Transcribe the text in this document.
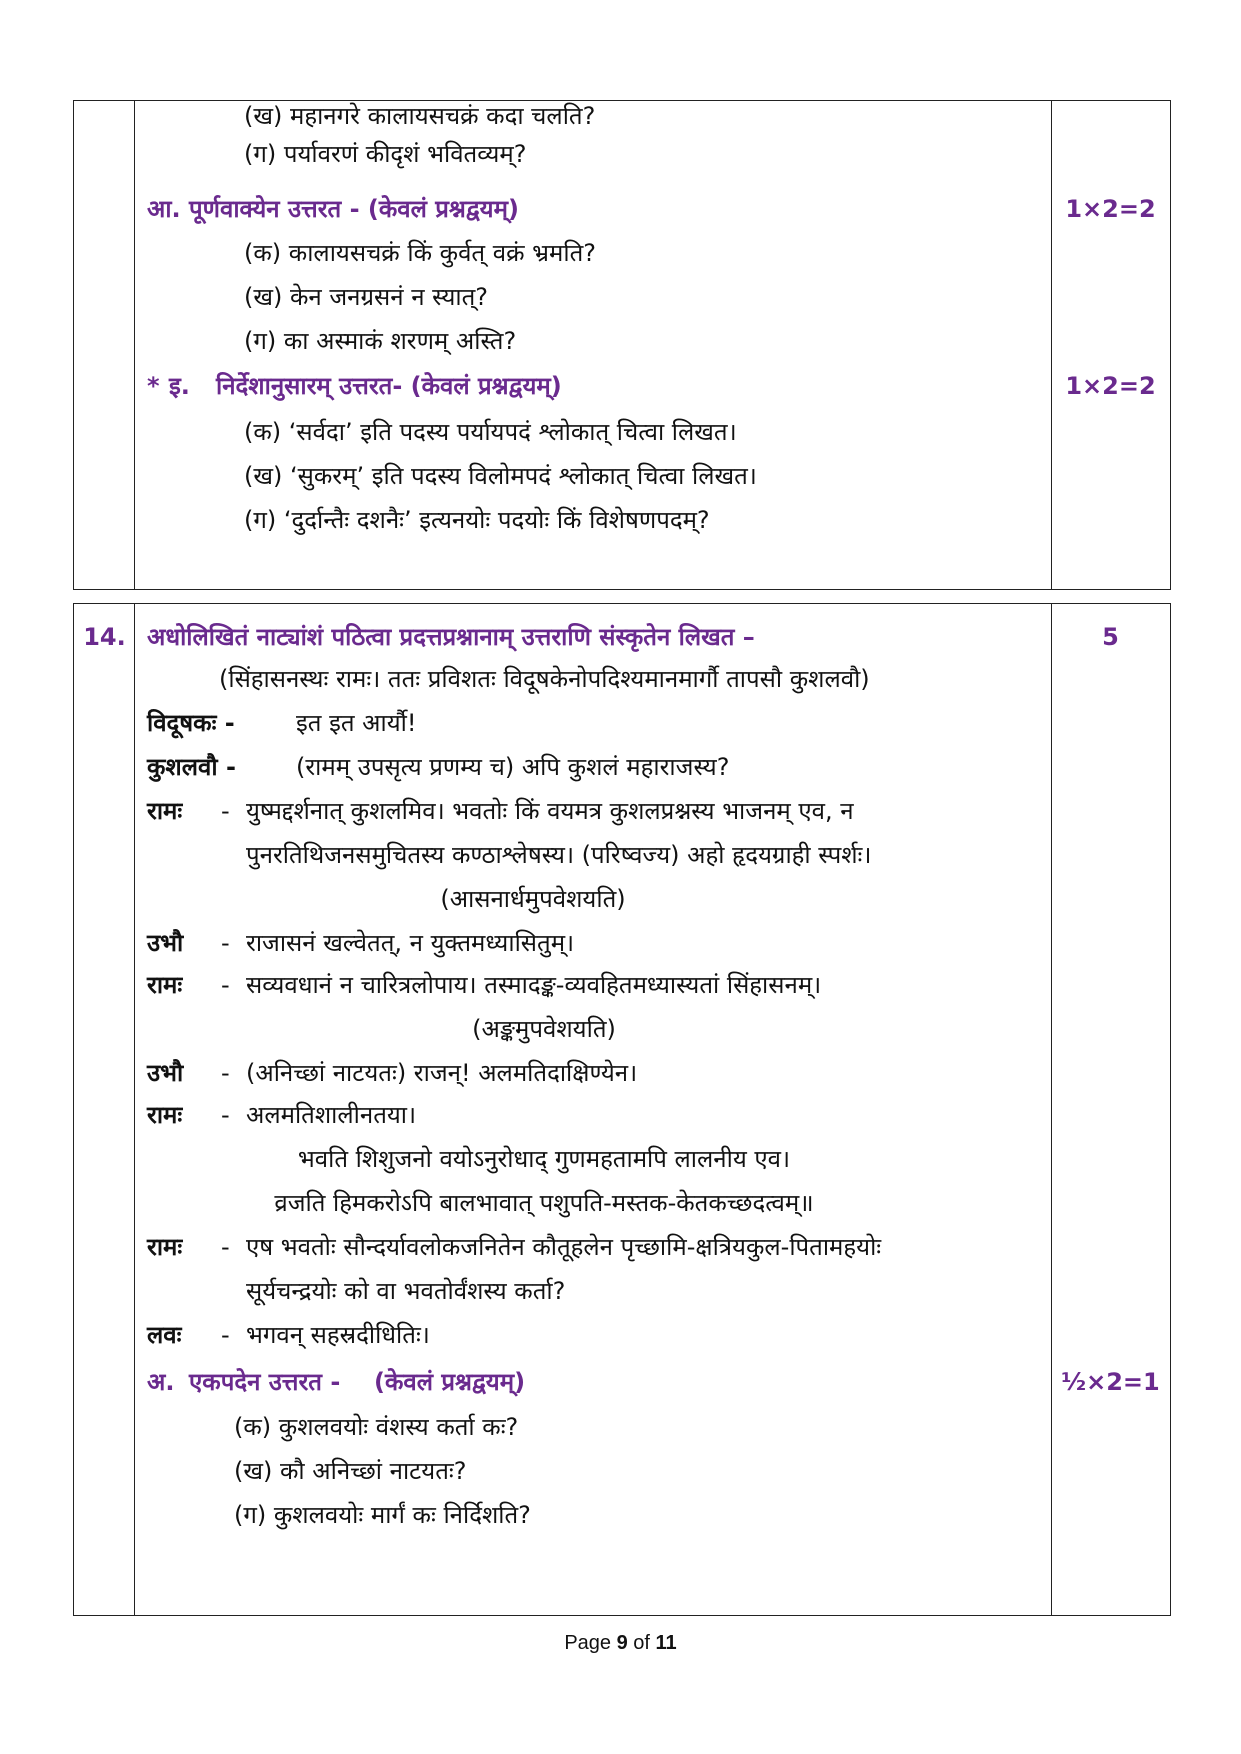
(ख) महानगरे कालायसचक्रं कदा चलति?
(ग) पर्यावरणं कीदृशं भवितव्यम्?
आ. पूर्णवाक्येन उत्तरत - (केवलं प्रश्नद्वयम्)	1×2=2
(क) कालायसचक्रं किं कुर्वत् वक्रं भ्रमति?
(ख) केन जनग्रसनं न स्यात्?
(ग) का अस्माकं शरणम् अस्ति?
* इ. निर्देशानुसारम् उत्तरत- (केवलं प्रश्नद्वयम्)	1×2=2
(क) ‘सर्वदा’ इति पदस्य पर्यायपदं श्लोकात् चित्वा लिखत।
(ख) ‘सुकरम्’ इति पदस्य विलोमपदं श्लोकात् चित्वा लिखत।
(ग) ‘दुर्दान्तैः दशनैः’ इत्यनयोः पदयोः किं विशेषणपदम्?
14.	5
अधोलिखितं नाट्यांशं पठित्वा प्रदत्तप्रश्नानाम् उत्तराणि संस्कृतेन लिखत –
(सिंहासनस्थः रामः। ततः प्रविशतः विदूषकेनोपदिश्यमानमार्गौ तापसौ कुशलवौ)
विदूषकः -	इत इत आर्यौ!
कुशलवौ -	(रामम् उपसृत्य प्रणम्य च) अपि कुशलं महाराजस्य?
रामः - युष्मद्दर्शनात् कुशलमिव। भवतोः किं वयमत्र कुशलप्रश्नस्य भाजनम् एव, न
पुनरतिथिजनसमुचितस्य कण्ठाश्लेषस्य। (परिष्वज्य) अहो हृदयग्राही स्पर्शः।
(आसनार्धमुपवेशयति)
उभौ - राजासनं खल्वेतत्, न युक्तमध्यासितुम्।
रामः - सव्यवधानं न चारित्रलोपाय। तस्मादङ्क-व्यवहितमध्यास्यतां सिंहासनम्।
(अङ्कमुपवेशयति)
उभौ - (अनिच्छां नाटयतः) राजन्! अलमतिदाक्षिण्येन।
रामः - अलमतिशालीनतया।
भवति शिशुजनो वयोऽनुरोधाद् गुणमहतामपि लालनीय एव।
व्रजति हिमकरोऽपि बालभावात् पशुपति-मस्तक-केतकच्छदत्वम्॥
रामः - एष भवतोः सौन्दर्यावलोकजनितेन कौतूहलेन पृच्छामि-क्षत्रियकुल-पितामहयोः
सूर्यचन्द्रयोः को वा भवतोर्वंशस्य कर्ता?
लवः - भगवन् सहस्रदीधितिः।
अ. एकपदेन उत्तरत - (केवलं प्रश्नद्वयम्)	½×2=1
(क) कुशलवयोः वंशस्य कर्ता कः?
(ख) कौ अनिच्छां नाटयतः?
(ग) कुशलवयोः मार्गं कः निर्दिशति?
Page 9 of 11
